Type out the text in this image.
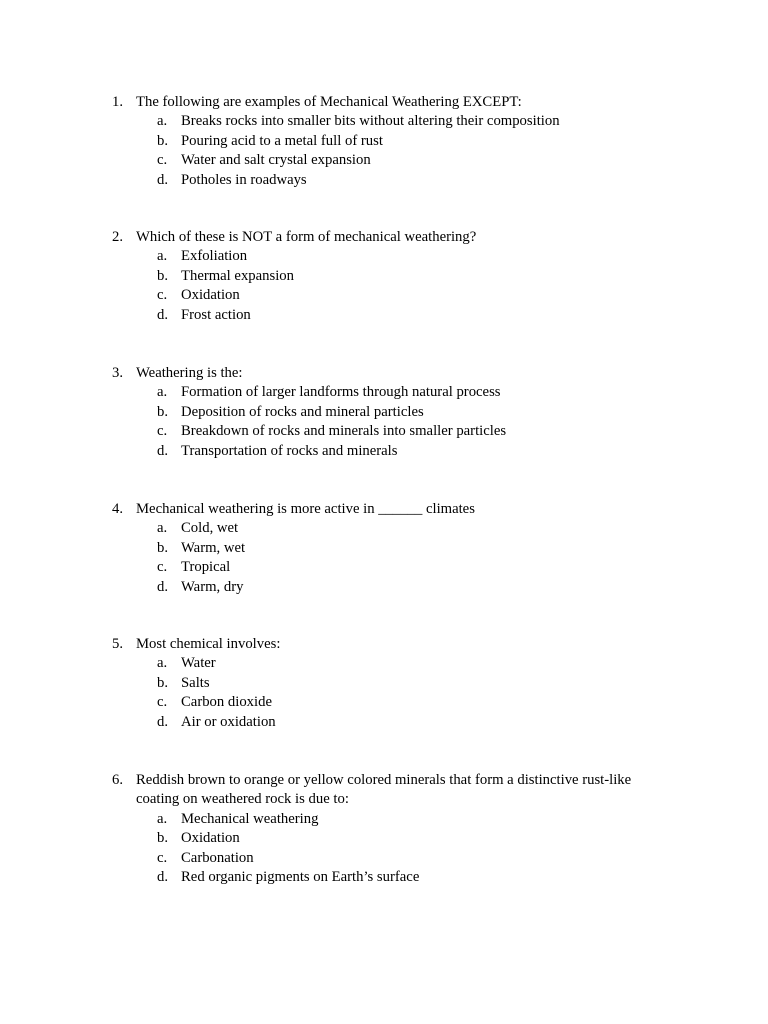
1. The following are examples of Mechanical Weathering EXCEPT:
a. Breaks rocks into smaller bits without altering their composition
b. Pouring acid to a metal full of rust
c. Water and salt crystal expansion
d. Potholes in roadways
2. Which of these is NOT a form of mechanical weathering?
a. Exfoliation
b. Thermal expansion
c. Oxidation
d. Frost action
3. Weathering is the:
a. Formation of larger landforms through natural process
b. Deposition of rocks and mineral particles
c. Breakdown of rocks and minerals into smaller particles
d. Transportation of rocks and minerals
4. Mechanical weathering is more active in ______ climates
a. Cold, wet
b. Warm, wet
c. Tropical
d. Warm, dry
5. Most chemical involves:
a. Water
b. Salts
c. Carbon dioxide
d. Air or oxidation
6. Reddish brown to orange or yellow colored minerals that form a distinctive rust-like coating on weathered rock is due to:
a. Mechanical weathering
b. Oxidation
c. Carbonation
d. Red organic pigments on Earth’s surface
